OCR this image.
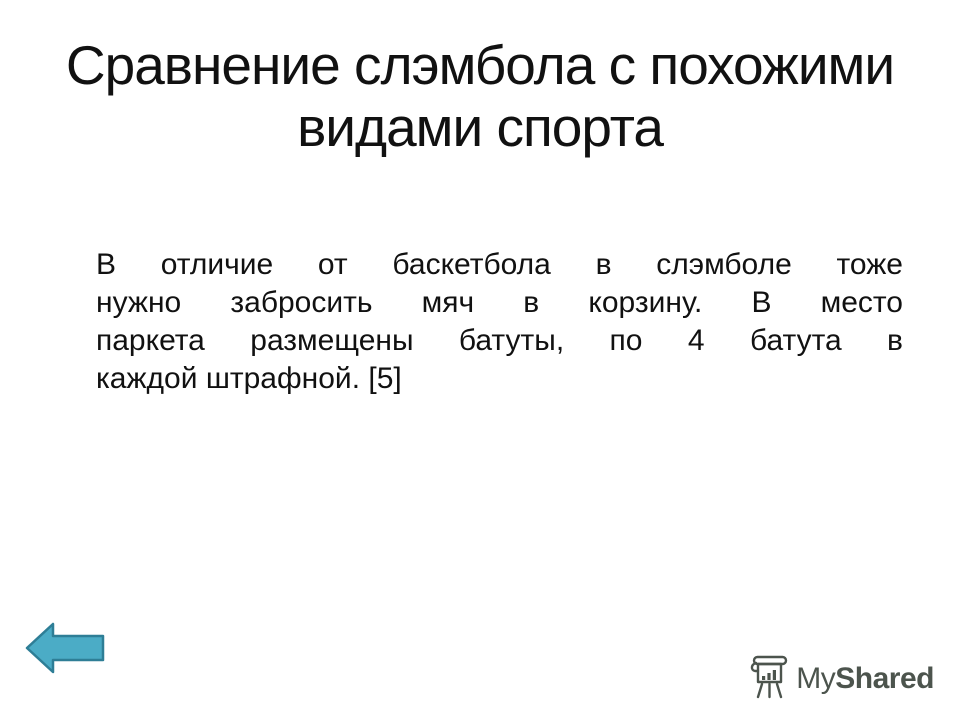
Сравнение слэмбола с похожими
видами спорта
В отличие от баскетбола в слэмболе тоже
нужно забросить мяч в корзину. В место
паркета размещены батуты, по 4 батута в
каждой штрафной. [5]
MyShared
